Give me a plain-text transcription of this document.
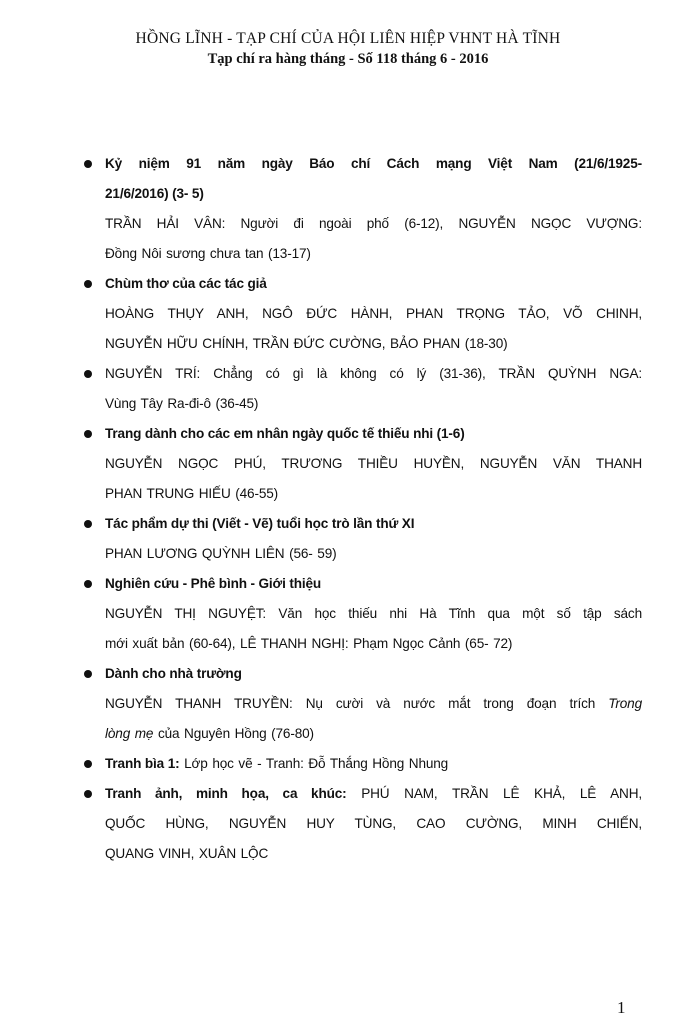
HỒNG LĨNH - TẠP CHÍ CỦA HỘI LIÊN HIỆP VHNT HÀ TĨNH
Tạp chí ra hàng tháng - Số 118 tháng 6 - 2016
Kỷ niệm 91 năm ngày Báo chí Cách mạng Việt Nam (21/6/1925-
21/6/2016) (3- 5)
TRẦN HẢI VÂN: Người đi ngoài phố (6-12), NGUYỄN NGỌC VƯỢNG:
Đồng Nôi sương chưa tan (13-17)
Chùm thơ của các tác giả
HOÀNG THỤY ANH, NGÔ ĐỨC HÀNH, PHAN TRỌNG TẢO, VÕ CHINH,
NGUYỄN HỮU CHÍNH, TRẦN ĐỨC CƯỜNG, BẢO PHAN (18-30)
NGUYỄN TRÍ: Chẳng có gì là không có lý (31-36), TRẦN QUỲNH NGA:
Vùng Tây Ra-đi-ô (36-45)
Trang dành cho các em nhân ngày quốc tế thiếu nhi (1-6)
NGUYỄN NGỌC PHÚ, TRƯƠNG THIỀU HUYỀN, NGUYỄN VĂN THANH
PHAN TRUNG HIẾU (46-55)
Tác phẩm dự thi (Viết - Vẽ) tuổi học trò lần thứ XI
PHAN LƯƠNG QUỲNH LIÊN (56- 59)
Nghiên cứu - Phê bình - Giới thiệu
NGUYỄN THỊ NGUYỆT: Văn học thiếu nhi Hà Tĩnh qua một số tập sách
mới xuất bản (60-64), LÊ THANH NGHỊ: Phạm Ngọc Cảnh (65- 72)
Dành cho nhà trường
NGUYỄN THANH TRUYỀN: Nụ cười và nước mắt trong đoạn trích Trong
lòng mẹ của Nguyên Hồng (76-80)
Tranh bìa 1: Lớp học vẽ - Tranh: Đỗ Thắng Hồng Nhung
Tranh ảnh, minh họa, ca khúc: PHÚ NAM, TRẦN LÊ KHẢ, LÊ ANH,
QUỐC HÙNG, NGUYỄN HUY TÙNG, CAO CƯỜNG, MINH CHIẾN,
QUANG VINH, XUÂN LỘC
1
